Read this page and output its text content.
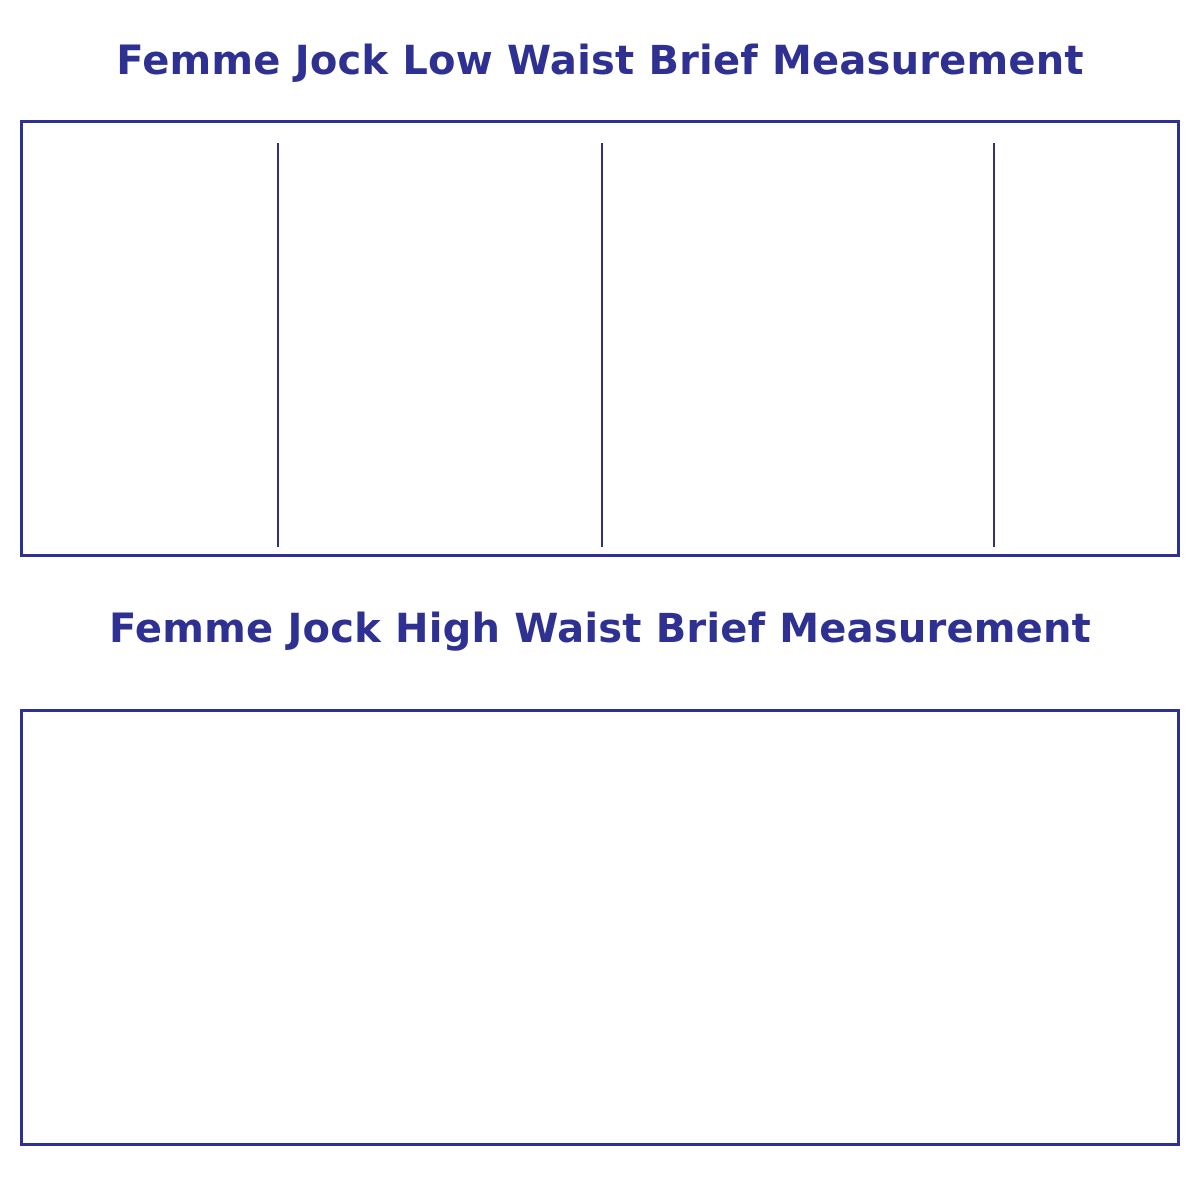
Femme Jock Low Waist Brief Measurement
Femme Jock High Waist Brief Measurement
